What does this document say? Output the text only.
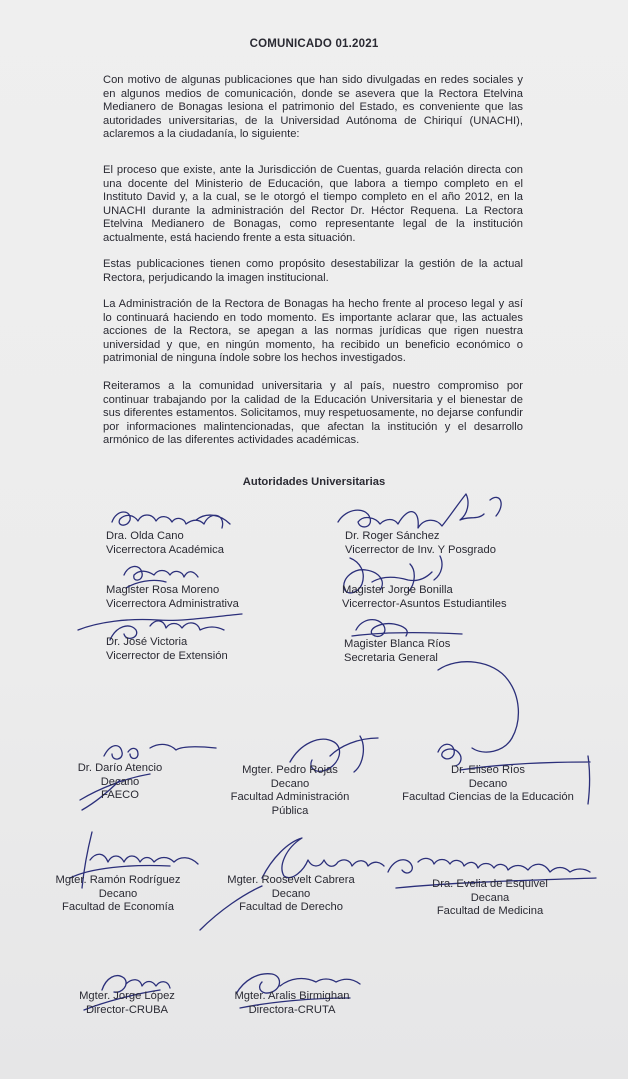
COMUNICADO 01.2021

Con motivo de algunas publicaciones que han sido divulgadas en redes sociales y en algunos medios de comunicación, donde se asevera que la Rectora Etelvina Medianero de Bonagas lesiona el patrimonio del Estado, es conveniente que las autoridades universitarias, de la Universidad Autónoma de Chiriquí (UNACHI), aclaremos a la ciudadanía, lo siguiente:

El proceso que existe, ante la Jurisdicción de Cuentas, guarda relación directa con una docente del Ministerio de Educación, que labora a tiempo completo en el Instituto David y, a la cual, se le otorgó el tiempo completo en el año 2012, en la UNACHI durante la administración del Rector Dr. Héctor Requena. La Rectora Etelvina Medianero de Bonagas, como representante legal de la institución actualmente, está haciendo frente a esta situación.

Estas publicaciones tienen como propósito desestabilizar la gestión de la actual Rectora, perjudicando la imagen institucional.

La Administración de la Rectora de Bonagas ha hecho frente al proceso legal y así lo continuará haciendo en todo momento. Es importante aclarar que, las actuales acciones de la Rectora, se apegan a las normas jurídicas que rigen nuestra universidad y que, en ningún momento, ha recibido un beneficio económico o patrimonial de ninguna índole sobre los hechos investigados.

Reiteramos a la comunidad universitaria y al país, nuestro compromiso por continuar trabajando por la calidad de la Educación Universitaria y el bienestar de sus diferentes estamentos. Solicitamos, muy respetuosamente, no dejarse confundir por informaciones malintencionadas, que afectan la institución y el desarrollo armónico de las diferentes actividades académicas.

Autoridades Universitarias
Dra. Olda Cano
Vicerrectora Académica
Dr. Roger Sánchez
Vicerrector de Inv. Y Posgrado
Magister Rosa Moreno
Vicerrectora Administrativa
Magister Jorge Bonilla
Vicerrector-Asuntos Estudiantiles
Dr. José Victoria
Vicerrector de Extensión
Magister Blanca Ríos
Secretaria General
Dr. Darío Atencio
Decano
FAECO
Mgter. Pedro Rojas
Decano
Facultad Administración
Pública
Dr. Eliseo Ríos
Decano
Facultad Ciencias de la Educación
Mgter. Ramón Rodríguez
Decano
Facultad de Economía
Mgter. Roosevelt Cabrera
Decano
Facultad de Derecho
Dra. Evelia de Esquivel
Decana
Facultad de Medicina
Mgter. Jorge López
Director-CRUBA
Mgter. Aralis Birmighan
Directora-CRUTA
